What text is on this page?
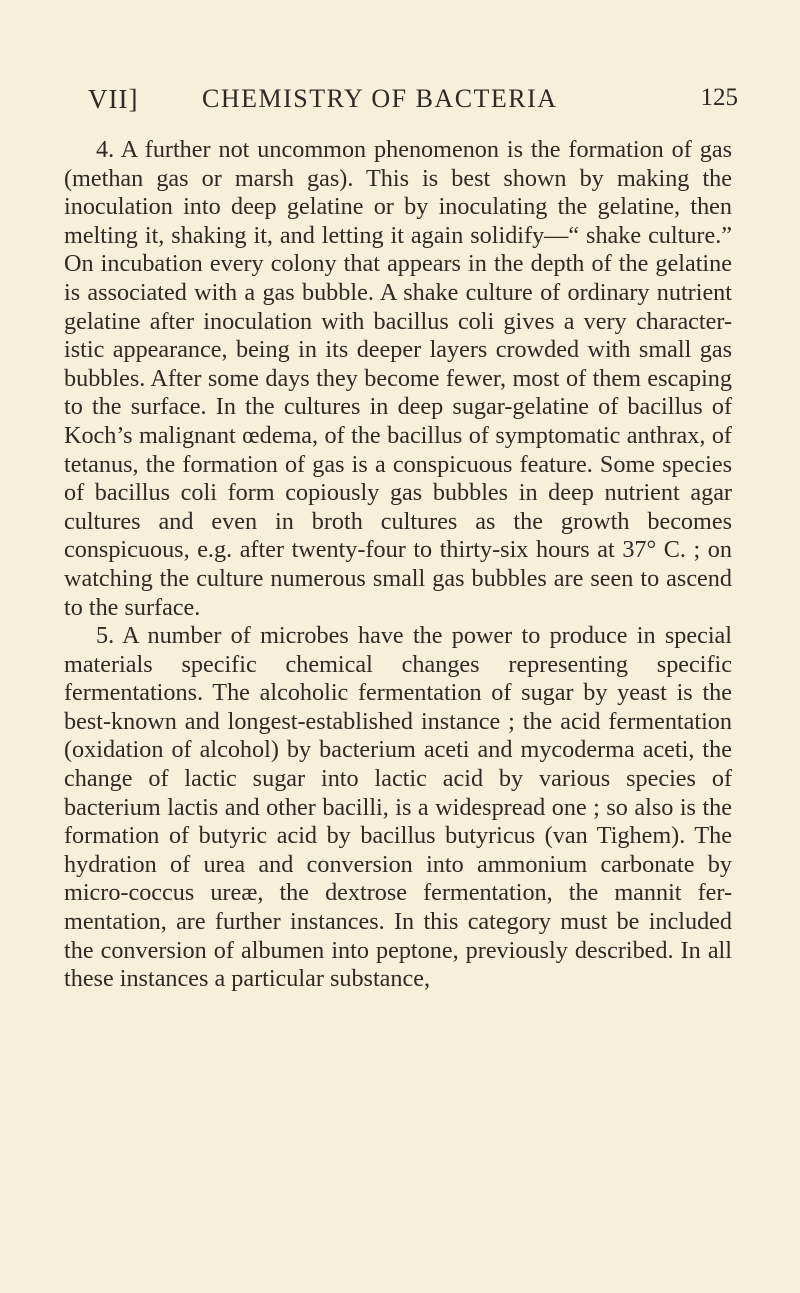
VII] CHEMISTRY OF BACTERIA	125

4. A further not uncommon phenomenon is the formation of gas (methan gas or marsh gas). This is best shown by making the inoculation into deep gelatine or by inoculating the gelatine, then melting it, shaking it, and letting it again solidify—“ shake culture.” On incubation every colony that appears in the depth of the gelatine is associated with a gas bubble. A shake culture of ordinary nutrient gelatine after inoculation with bacillus coli gives a very character-istic appearance, being in its deeper layers crowded with small gas bubbles. After some days they become fewer, most of them escaping to the surface. In the cultures in deep sugar-gelatine of bacillus of Koch’s malignant œdema, of the bacillus of symptomatic anthrax, of tetanus, the formation of gas is a conspicuous feature. Some species of bacillus coli form copiously gas bubbles in deep nutrient agar cultures and even in broth cultures as the growth becomes conspicuous, e.g. after twenty-four to thirty-six hours at 37° C. ; on watching the culture numerous small gas bubbles are seen to ascend to the surface.

5. A number of microbes have the power to produce in special materials specific chemical changes representing specific fermentations. The alcoholic fermentation of sugar by yeast is the best-known and longest-established instance ; the acid fermentation (oxidation of alcohol) by bacterium aceti and mycoderma aceti, the change of lactic sugar into lactic acid by various species of bacterium lactis and other bacilli, is a widespread one ; so also is the formation of butyric acid by bacillus butyricus (van Tighem). The hydration of urea and conversion into ammonium carbonate by micro-coccus ureæ, the dextrose fermentation, the mannit fer-mentation, are further instances. In this category must be included the conversion of albumen into peptone, previously described. In all these instances a particular substance,
